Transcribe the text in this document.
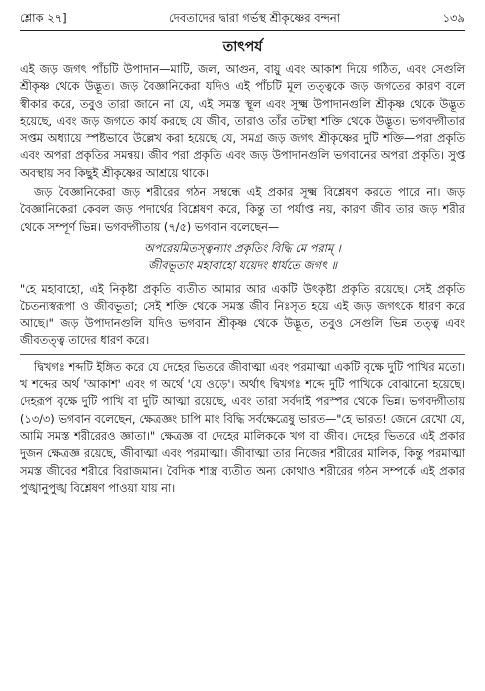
শ্লোক ২৭]	দেবতাদের দ্বারা গর্ভস্থ শ্রীকৃষ্ণের বন্দনা	১৩৯
তাৎপর্য

এই জড় জগৎ পাঁচটি উপাদান—মাটি, জল, আগুন, বায়ু এবং আকাশ দিয়ে গঠিত, এবং সেগুলি শ্রীকৃষ্ণ থেকে উদ্ভূত। জড় বৈজ্ঞানিকেরা যদিও এই পাঁচটি মূল তত্ত্বকে জড় জগতের কারণ বলে স্বীকার করে, তবুও তারা জানে না যে, এই সমস্ত স্থূল এবং সূক্ষ্ম উপাদানগুলি শ্রীকৃষ্ণ থেকে উদ্ভূত হয়েছে, এবং জড় জগতে কার্য করছে যে জীব, তারাও তাঁর তটস্থা শক্তি থেকে উদ্ভূত। ভগবদ্গীতার সপ্তম অধ্যায়ে স্পষ্টভাবে উল্লেখ করা হয়েছে যে, সমগ্র জড় জগৎ শ্রীকৃষ্ণের দুটি শক্তি—পরা প্রকৃতি এবং অপরা প্রকৃতির সমন্বয়। জীব পরা প্রকৃতি এবং জড় উপাদানগুলি ভগবানের অপরা প্রকৃতি। সুপ্ত অবস্থায় সব কিছুই শ্রীকৃষ্ণের আশ্রয়ে থাকে।

জড় বৈজ্ঞানিকেরা জড় শরীরের গঠন সম্বন্ধে এই প্রকার সূক্ষ্ম বিশ্লেষণ করতে পারে না। জড় বৈজ্ঞানিকেরা কেবল জড় পদার্থের বিশ্লেষণ করে, কিন্তু তা পর্যাপ্ত নয়, কারণ জীব তার জড় শরীর থেকে সম্পূর্ণ ভিন্ন। ভগবদ্গীতায় (৭/৫) ভগবান বলেছেন—

অপরেয়মিতস্ত্বন্যাং প্রকৃতিং বিদ্ধি মে পরাম্ ।
জীবভূতাং মহাবাহো যয়েদং ধার্যতে জগৎ ॥

"হে মহাবাহো, এই নিকৃষ্টা প্রকৃতি ব্যতীত আমার আর একটি উৎকৃষ্টা প্রকৃতি রয়েছে। সেই প্রকৃতি চৈতন্যস্বরূপা ও জীবভূতা; সেই শক্তি থেকে সমস্ত জীব নিঃসৃত হয়ে এই জড় জগৎকে ধারণ করে আছে।" জড় উপাদানগুলি যদিও ভগবান শ্রীকৃষ্ণ থেকে উদ্ভূত, তবুও সেগুলি ভিন্ন তত্ত্ব এবং জীবতত্ত্ব তাদের ধারণ করে।

দ্বিখগঃ শব্দটি ইঙ্গিত করে যে দেহের ভিতরে জীবাত্মা এবং পরমাত্মা একটি বৃক্ষে দুটি পাখির মতো। খ শব্দের অর্থ 'আকাশ' এবং গ অর্থে 'যে ওড়ে'। অর্থাৎ দ্বিখগঃ শব্দে দুটি পাখিকে বোঝানো হয়েছে। দেহরূপ বৃক্ষে দুটি পাখি বা দুটি আত্মা রয়েছে, এবং তারা সর্বদাই পরস্পর থেকে ভিন্ন। ভগবদ্গীতায় (১৩/৩) ভগবান বলেছেন, ক্ষেত্রজ্ঞং চাপি মাং বিদ্ধি সর্বক্ষেত্রেষু ভারত—"হে ভারত! জেনে রেখো যে, আমি সমস্ত শরীরেরও জ্ঞাতা।" ক্ষেত্রজ্ঞ বা দেহের মালিককে খগ বা জীব। দেহের ভিতরে এই প্রকার দুজন ক্ষেত্রজ্ঞ রয়েছে, জীবাত্মা এবং পরমাত্মা। জীবাত্মা তার নিজের শরীরের মালিক, কিন্তু পরমাত্মা সমস্ত জীবের শরীরে বিরাজমান। বৈদিক শাস্ত্র ব্যতীত অন্য কোথাও শরীরের গঠন সম্পর্কে এই প্রকার পুঙ্খানুপুঙ্খ বিশ্লেষণ পাওয়া যায় না।
